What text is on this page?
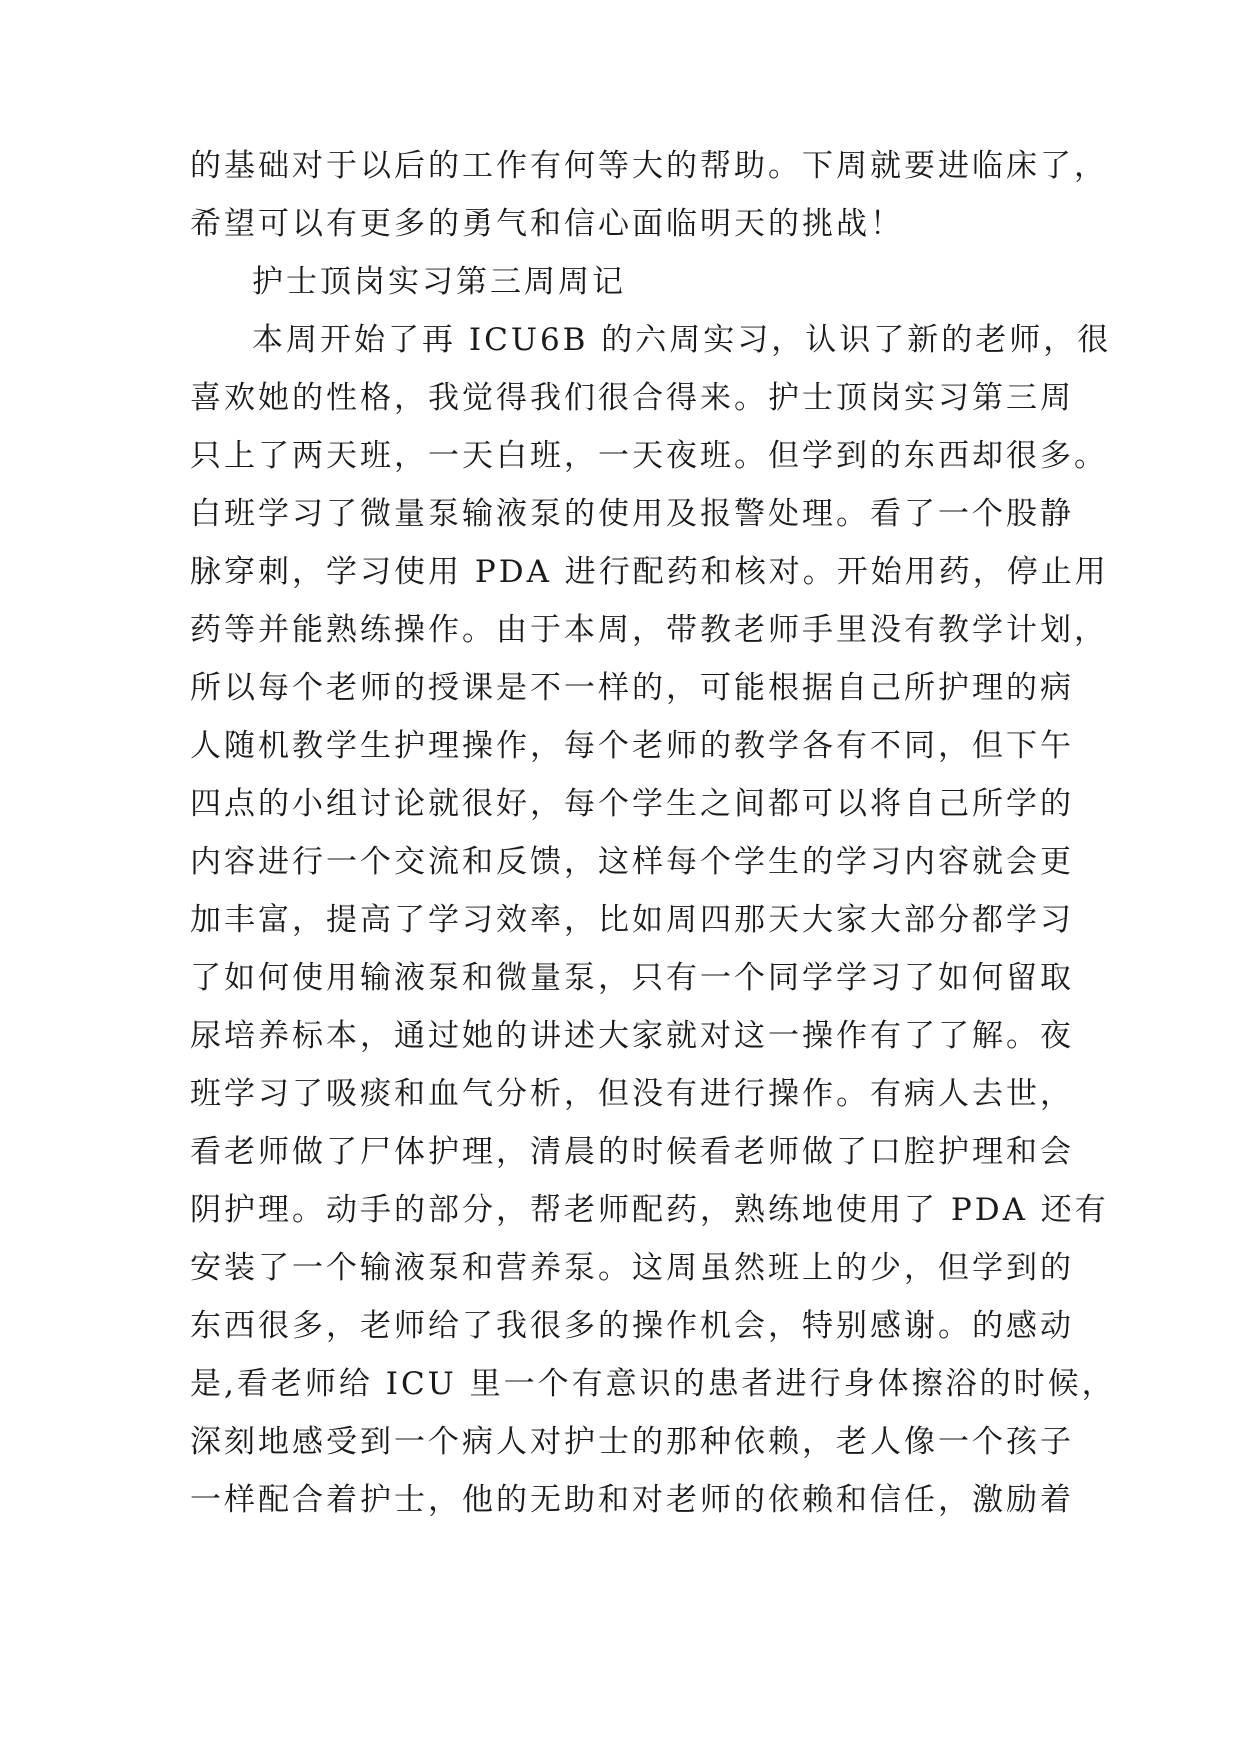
的基础对于以后的工作有何等大的帮助。下周就要进临床了，
希望可以有更多的勇气和信心面临明天的挑战！
护士顶岗实习第三周周记
本周开始了再 ICU6B 的六周实习，认识了新的老师，很
喜欢她的性格，我觉得我们很合得来。护士顶岗实习第三周
只上了两天班，一天白班，一天夜班。但学到的东西却很多。
白班学习了微量泵输液泵的使用及报警处理。看了一个股静
脉穿刺，学习使用 PDA 进行配药和核对。开始用药，停止用
药等并能熟练操作。由于本周，带教老师手里没有教学计划，
所以每个老师的授课是不一样的，可能根据自己所护理的病
人随机教学生护理操作，每个老师的教学各有不同，但下午
四点的小组讨论就很好，每个学生之间都可以将自己所学的
内容进行一个交流和反馈，这样每个学生的学习内容就会更
加丰富，提高了学习效率，比如周四那天大家大部分都学习
了如何使用输液泵和微量泵，只有一个同学学习了如何留取
尿培养标本，通过她的讲述大家就对这一操作有了了解。夜
班学习了吸痰和血气分析，但没有进行操作。有病人去世，
看老师做了尸体护理，清晨的时候看老师做了口腔护理和会
阴护理。动手的部分，帮老师配药，熟练地使用了 PDA 还有
安装了一个输液泵和营养泵。这周虽然班上的少，但学到的
东西很多，老师给了我很多的操作机会，特别感谢。的感动
是,看老师给 ICU 里一个有意识的患者进行身体擦浴的时候，
深刻地感受到一个病人对护士的那种依赖，老人像一个孩子
一样配合着护士，他的无助和对老师的依赖和信任，激励着
